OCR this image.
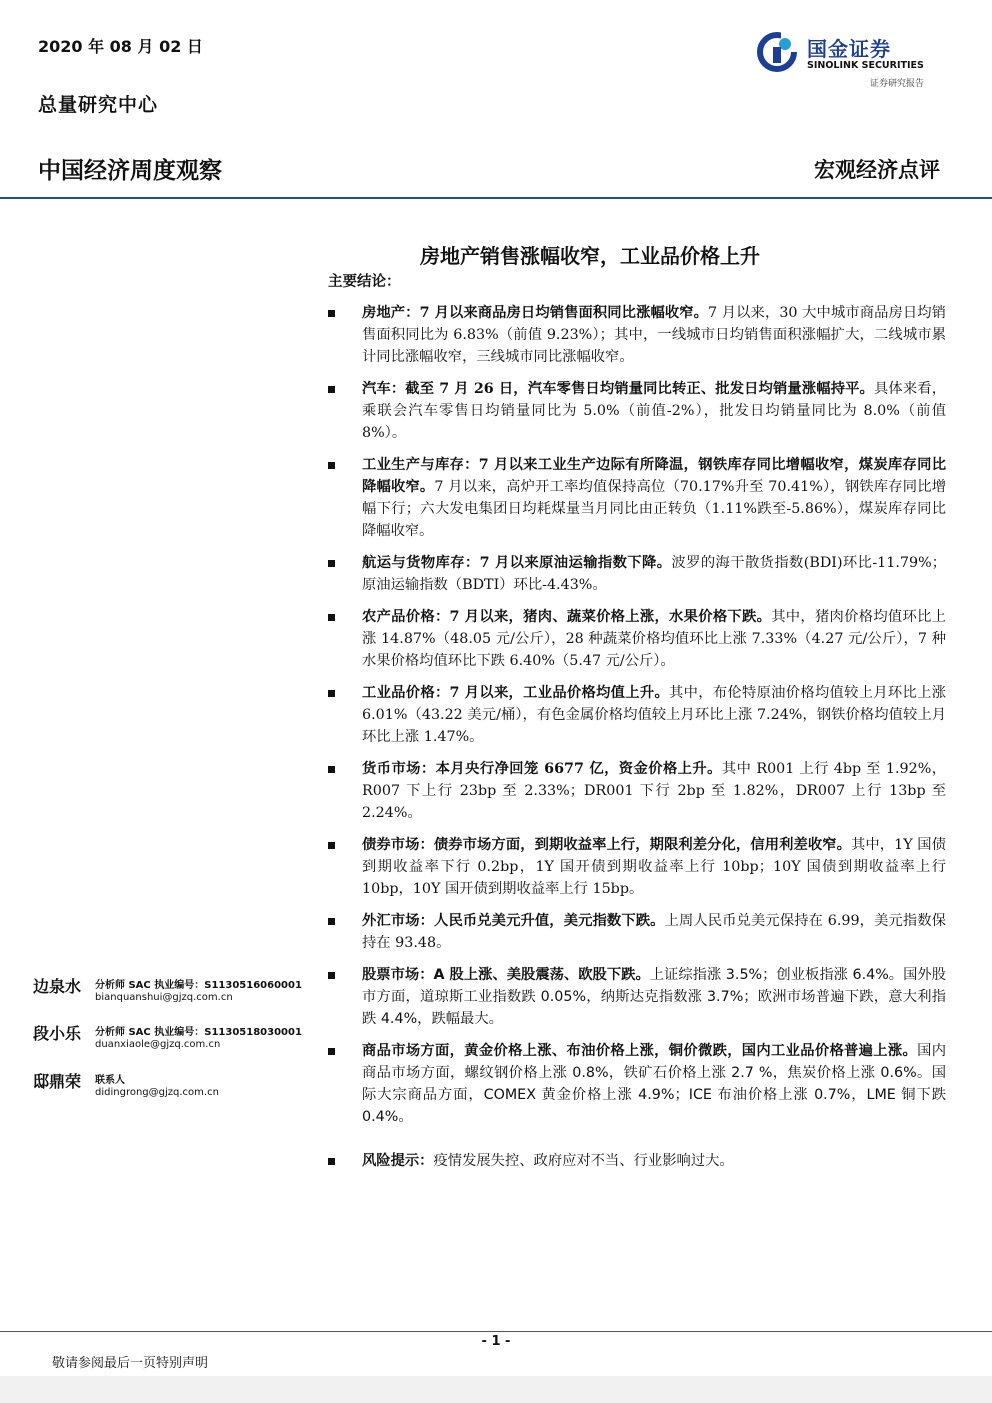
2020 年 08 月 02 日
总量研究中心
国金证券
SINOLINK SECURITIES
证券研究报告
中国经济周度观察	宏观经济点评
房地产销售涨幅收窄，工业品价格上升
主要结论：
房地产：7 月以来商品房日均销售面积同比涨幅收窄。7 月以来，30 大中城市商品房日均销售面积同比为 6.83%（前值 9.23%）；其中，一线城市日均销售面积涨幅扩大，二线城市累计同比涨幅收窄，三线城市同比涨幅收窄。
汽车：截至 7 月 26 日，汽车零售日均销量同比转正、批发日均销量涨幅持平。具体来看，乘联会汽车零售日均销量同比为 5.0%（前值-2%），批发日均销量同比为 8.0%（前值 8%）。
工业生产与库存：7 月以来工业生产边际有所降温，钢铁库存同比增幅收窄，煤炭库存同比降幅收窄。7 月以来，高炉开工率均值保持高位（70.17%升至 70.41%），钢铁库存同比增幅下行；六大发电集团日均耗煤量当月同比由正转负（1.11%跌至-5.86%），煤炭库存同比降幅收窄。
航运与货物库存：7 月以来原油运输指数下降。波罗的海干散货指数(BDI)环比-11.79%；原油运输指数（BDTI）环比-4.43%。
农产品价格：7 月以来，猪肉、蔬菜价格上涨，水果价格下跌。其中，猪肉价格均值环比上涨 14.87%（48.05 元/公斤），28 种蔬菜价格均值环比上涨 7.33%（4.27 元/公斤），7 种水果价格均值环比下跌 6.40%（5.47 元/公斤）。
工业品价格：7 月以来，工业品价格均值上升。其中，布伦特原油价格均值较上月环比上涨 6.01%（43.22 美元/桶），有色金属价格均值较上月环比上涨 7.24%，钢铁价格均值较上月环比上涨 1.47%。
货币市场：本月央行净回笼 6677 亿，资金价格上升。其中 R001 上行 4bp 至 1.92%，R007 下上行 23bp 至 2.33%；DR001 下行 2bp 至 1.82%，DR007 上行 13bp 至 2.24%。
债券市场：债券市场方面，到期收益率上行，期限利差分化，信用利差收窄。其中，1Y 国债到期收益率下行 0.2bp，1Y 国开债到期收益率上行 10bp；10Y 国债到期收益率上行 10bp，10Y 国开债到期收益率上行 15bp。
外汇市场：人民币兑美元升值，美元指数下跌。上周人民币兑美元保持在 6.99，美元指数保持在 93.48。
股票市场：A 股上涨、美股震荡、欧股下跌。上证综指涨 3.5%；创业板指涨 6.4%。国外股市方面，道琼斯工业指数跌 0.05%，纳斯达克指数涨 3.7%；欧洲市场普遍下跌，意大利指跌 4.4%，跌幅最大。
商品市场方面，黄金价格上涨、布油价格上涨，铜价微跌，国内工业品价格普遍上涨。国内商品市场方面，螺纹钢价格上涨 0.8%，铁矿石价格上涨 2.7 %，焦炭价格上涨 0.6%。国际大宗商品方面，COMEX 黄金价格上涨 4.9%；ICE 布油价格上涨 0.7%，LME 铜下跌 0.4%。
风险提示：疫情发展失控、政府应对不当、行业影响过大。
边泉水 分析师 SAC 执业编号：S1130516060001
bianquanshui@gjzq.com.cn
段小乐 分析师 SAC 执业编号：S1130518030001
duanxiaole@gjzq.com.cn
邸鼎荣 联系人
didingrong@gjzq.com.cn
- 1 -
敬请参阅最后一页特别声明
